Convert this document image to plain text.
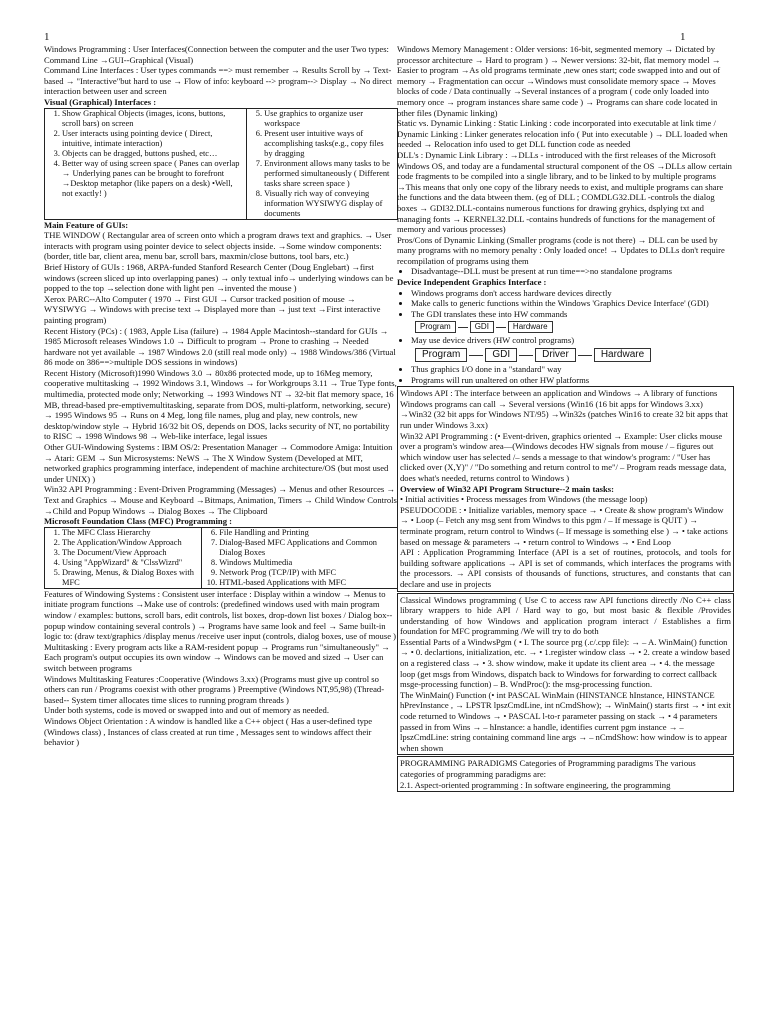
1	1

Windows Programming : User Interfaces(Connection between the computer and the user Two types: Command Line →GUI--Graphical (Visual)

Command Line Interfaces : User types commands ==> must remember → Results Scroll by → Text-based → "Interactive"but hard to use → Flow of info: keyboard --> program--> Display → No direct interaction between user and screen

Visual (Graphical) Interfaces :

1. Show Graphical Objects (images, icons, buttons, scroll bars) on screen
2. User interacts using pointing device ( Direct, intuitive, intimate interaction)
3. Objects can be dragged, buttons pushed, etc…
4. Better way of using screen space ( Panes can overlap → Underlying panes can be brought to forefront →Desktop metaphor (like papers on a desk) •Well, not exactly! )

5. Use graphics to organize user workspace
6. Present user intuitive ways of accomplishing tasks(e.g., copy files by dragging
7. Environment allows many tasks to be performed simultaneously ( Different tasks share screen space )
8. Visually rich way of conveying information WYSIWYG display of documents

Main Feature of GUIs:

THE WINDOW ( Rectangular area of screen onto which a program draws text and graphics. → User interacts with program using pointer device to select objects inside. →Some window components:(border, title bar, client area, menu bar, scroll bars, maxmin/close buttons, tool bars, etc.)

Brief History of GUIs : 1968, ARPA-funded Stanford Research Center (Doug Englebart) →first windows (screen sliced up into overlapping panes) → only textual info→ underlying windows can be popped to the top →selection done with light pen →invented the mouse )

Xerox PARC--Alto Computer ( 1970 → First GUI → Cursor tracked position of mouse → WYSIWYG → Windows with precise text → Displayed more than → just text →First interactive painting program)

Recent History (PCs) : ( 1983, Apple Lisa (failure) → 1984 Apple Macintosh--standard for GUIs → 1985 Microsoft releases Windows 1.0 → Difficult to program → Prone to crashing → Needed hardware not yet available → 1987 Windows 2.0 (still real mode only) → 1988 Windows/386 (Virtual 86 mode on 386==>multiple DOS sessions in windows)

Recent History (Microsoft)1990 Windows 3.0 → 80x86 protected mode, up to 16Meg memory, cooperative multitasking → 1992 Windows 3.1, Windows → for Workgroups 3.11 → True Type fonts, multimedia, protected mode only; Networking → 1993 Windows NT → 32-bit flat memory space, 16 MB, thread-based pre-emptivemultitasking, separate from DOS, multi-platform, networking, secure) → 1995 Windows 95 → Runs on 4 Meg, long file names, plug and play, new controls, new desktop/window style → Hybrid 16/32 bit OS, depends on DOS, lacks security of NT, no portability to RISC → 1998 Windows 98 → Web-like interface, legal issues

Other GUI-Windowing Systems : IBM OS/2: Presentation Manager → Commodore Amiga: Intuition → Atari: GEM → Sun Microsystems: NeWS → The X Window System (Developed at MIT, networked graphics programming interface, independent of machine architecture/OS (but most used under UNIX) )

Win32 API Programming : Event-Driven Programming (Messages) → Menus and other Resources → Text and Graphics → Mouse and Keyboard →Bitmaps, Animation, Timers → Child Window Controls →Child and Popup Windows → Dialog Boxes → The Clipboard

Microsoft Foundation Class (MFC) Programming :

1. The MFC Class Hierarchy
2. The Application/Window Approach
3. The Document/View Approach
4. Using "AppWizard" & "ClssWizrd"
5. Drawing, Menus, & Dialog Boxes with MFC

6. File Handling and Printing
7. Dialog-Based MFC Applications and Common Dialog Boxes
8. Windows Multimedia
9. Network Prog (TCP/IP) with MFC
10. HTML-based Applications with MFC

Features of Windowing Systems : Consistent user interface : Display within a window → Menus to initiate program functions →Make use of controls: (predefined windows used with main program window / examples: buttons, scroll bars, edit controls, list boxes, drop-down list boxes / Dialog box--popup window containing several controls ) → Programs have same look and feel → Same built-in logic to: (draw text/graphics /display menus /receive user input (controls, dialog boxes, use of mouse )

Multitasking : Every program acts like a RAM-resident popup → Programs run "simultaneously" → Each program's output occupies its own window → Windows can be moved and sized → User can switch between programs

Windows Multitasking Features :Cooperative (Windows 3.xx) (Programs must give up control so others can run / Programs coexist with other programs ) Preemptive (Windows NT,95,98) (Thread-based-- System timer allocates time slices to running program threads )

Under both systems, code is moved or swapped into and out of memory as needed.

Windows Object Orientation : A window is handled like a C++ object ( Has a user-defined type (Windows class) , Instances of class created at run time , Messages sent to windows affect their behavior )

Windows Memory Management : Older versions: 16-bit, segmented memory → Dictated by processor architecture → Hard to program ) → Newer versions: 32-bit, flat memory model → Easier to program →As old programs terminate ,new ones start; code swapped into and out of memory → Fragmentation can occur →Windows must consolidate memory space → Moves blocks of code / Data continually →Several instances of a program ( code only loaded into memory once → program instances share same code ) → Programs can share code located in other files (Dynamic linking)

Static vs. Dynamic Linking : Static Linking : code incorporated into executable at link time / Dynamic Linking : Linker generates relocation info ( Put into executable ) → DLL loaded when needed → Relocation info used to get DLL function code as needed

DLL's : Dynamic Link Library : →DLLs - introduced with the first releases of the Microsoft Windows OS, and today are a fundamental structural component of the OS →DLLs allow certain code fragments to be compiled into a single library, and to be linked to by multiple programs →This means that only one copy of the library needs to exist, and multiple programs can share the functions and the data btween them. (eg of DLL ; COMDLG32.DLL -controls the dialog boxes → GDI32.DLL-contains numerous functions for drawing gryhics, dsplying txt and managing fonts → KERNEL32.DLL -contains hundreds of functions for the management of memory and various processes)

Pros/Cons of Dynamic Linking (Smaller programs (code is not there) → DLL can be used by many programs with no memory penalty : Only loaded once! → Updates to DLLs don't require recompilation of programs using them

• Disadvantage--DLL must be present at run time==>no standalone programs

Device Independent Graphics Interface :

• Windows programs don't access hardware devices directly
• Make calls to generic functions within the Windows 'Graphics Device Interface' (GDI)
• The GDI translates these into HW commands
Program	GDI	Hardware
• May use device drivers (HW control programs)
Program	GDI	Driver	Hardware
• Thus graphics I/O done in a "standard" way
• Programs will run unaltered on other HW platforms

Windows API : The interface between an application and Windows → A library of functions Windows programs can call → Several versions (Win16 (16 bit apps for Windows 3.xx) →Win32 (32 bit apps for Windows NT/95) →Win32s (patches Win16 to create 32 bit apps that run under Windows 3.xx)

Win32 API Programming : (• Event-driven, graphics oriented → Example: User clicks mouse over a program's window area—(Windows decodes HW signals from mouse / – figures out which window user has selected /– sends a message to that window's program: / "User has clicked over (X,Y)" / "Do something and return control to me"/ – Program reads message data, does what's needed, returns control to Windows )

Overview of Win32 API Program Structure--2 main tasks:

• Initial activities • Process messages from Windows (the message loop)

PSEUDOCODE : • Initialize variables, memory space → • Create & show program's Window → • Loop (– Fetch any msg sent from Windws to this pgm / – If message is QUIT ) → terminate program, return control to Windws (– If message is something else ) → • take actions based on message & parameters → • return control to Windows → • End Loop

API : Application Programming Interface (API is a set of routines, protocols, and tools for building software applications → API is set of commands, which interfaces the programs with the processors. → API consists of thousands of functions, structures, and constants that can declare and use in projects

Classical Windows programming ( Use C to access raw API functions directly /No C++ class library wrappers to hide API / Hard way to go, but most basic & flexible /Provides understanding of how Windows and application program interact / Establishes a firm foundation for MFC programming /We will try to do both

Essential Parts of a WindwsPgm ( • I. The source prg (.c/.cpp file): → – A. WinMain() function → • 0. declartions, initialization, etc. → • 1.register window class → • 2. create a window based on a registered class → • 3. show window, make it update its client area → • 4. the message loop (get msgs from Windows, dispatch back to Windows for forwarding to correct callback msge-processing function) – B. WndProc(): the msg-processing function.

The WinMain() Function (• int PASCAL WinMain (HINSTANCE hInstance, HINSTANCE hPrevInstance , → LPSTR lpszCmdLine, int nCmdShow); → WinMain() starts first → • int exit code returned to Windows → • PASCAL l-to-r parameter passing on stack → • 4 parameters passed in from Wins → – hInstance: a handle, identifies current pgm instance → – lpszCmdLine: string containing command line args → – nCmdShow: how window is to appear when shown

PROGRAMMING PARADIGMS Categories of Programming paradigms The various categories of programming paradigms are:

2.1. Aspect-oriented programming : In software engineering, the programming
